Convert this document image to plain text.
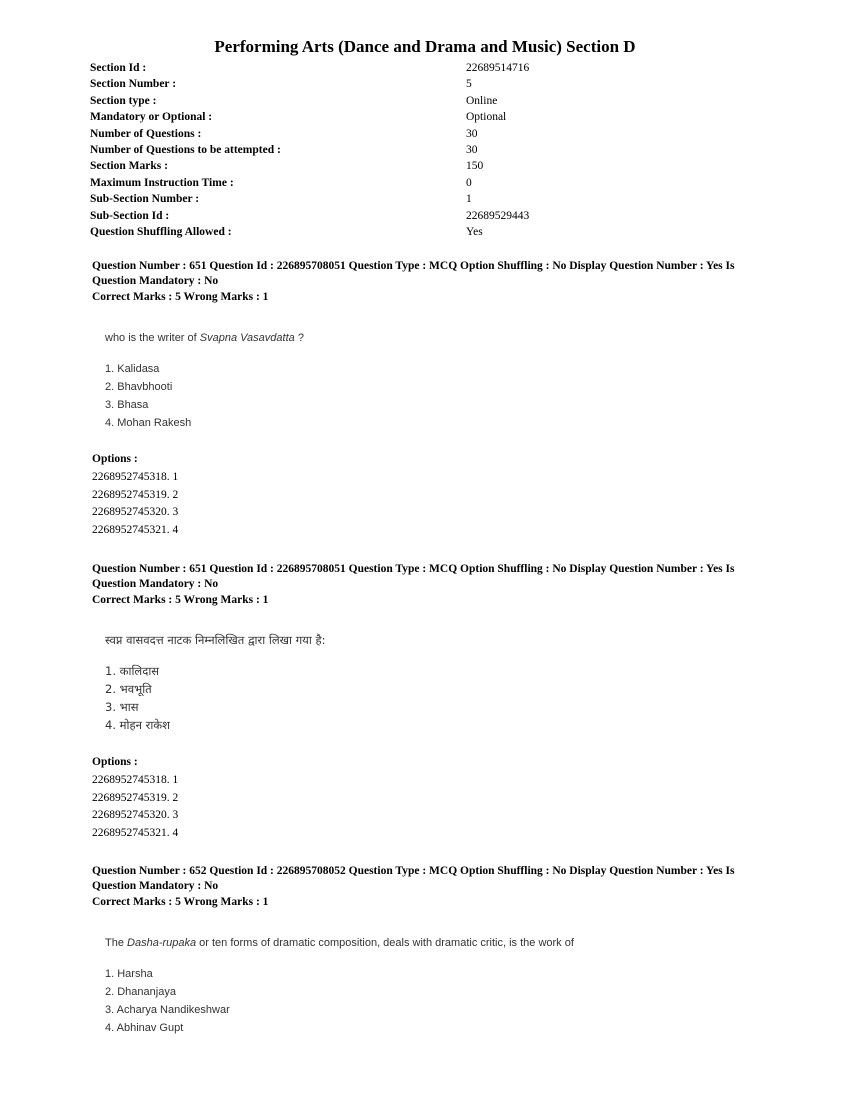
Performing Arts (Dance and Drama and Music) Section D
Section Id :	22689514716
Section Number :	5
Section type :	Online
Mandatory or Optional :	Optional
Number of Questions :	30
Number of Questions to be attempted :	30
Section Marks :	150
Maximum Instruction Time :	0
Sub-Section Number :	1
Sub-Section Id :	22689529443
Question Shuffling Allowed :	Yes
Question Number : 651 Question Id : 226895708051 Question Type : MCQ Option Shuffling : No Display Question Number : Yes Is
Question Mandatory : No
Correct Marks : 5 Wrong Marks : 1
who is the writer of Svapna Vasavdatta ?
1. Kalidasa
2. Bhavbhooti
3. Bhasa
4. Mohan Rakesh
Options :
2268952745318. 1
2268952745319. 2
2268952745320. 3
2268952745321. 4
Question Number : 651 Question Id : 226895708051 Question Type : MCQ Option Shuffling : No Display Question Number : Yes Is
Question Mandatory : No
Correct Marks : 5 Wrong Marks : 1
स्वप्न वासवदत्त नाटक निम्नलिखित द्वारा लिखा गया है:
1. कालिदास
2. भवभूति
3. भास
4. मोहन राकेश
Options :
2268952745318. 1
2268952745319. 2
2268952745320. 3
2268952745321. 4
Question Number : 652 Question Id : 226895708052 Question Type : MCQ Option Shuffling : No Display Question Number : Yes Is
Question Mandatory : No
Correct Marks : 5 Wrong Marks : 1
The Dasha-rupaka or ten forms of dramatic composition, deals with dramatic critic, is the work of
1. Harsha
2. Dhananjaya
3. Acharya Nandikeshwar
4. Abhinav Gupt
